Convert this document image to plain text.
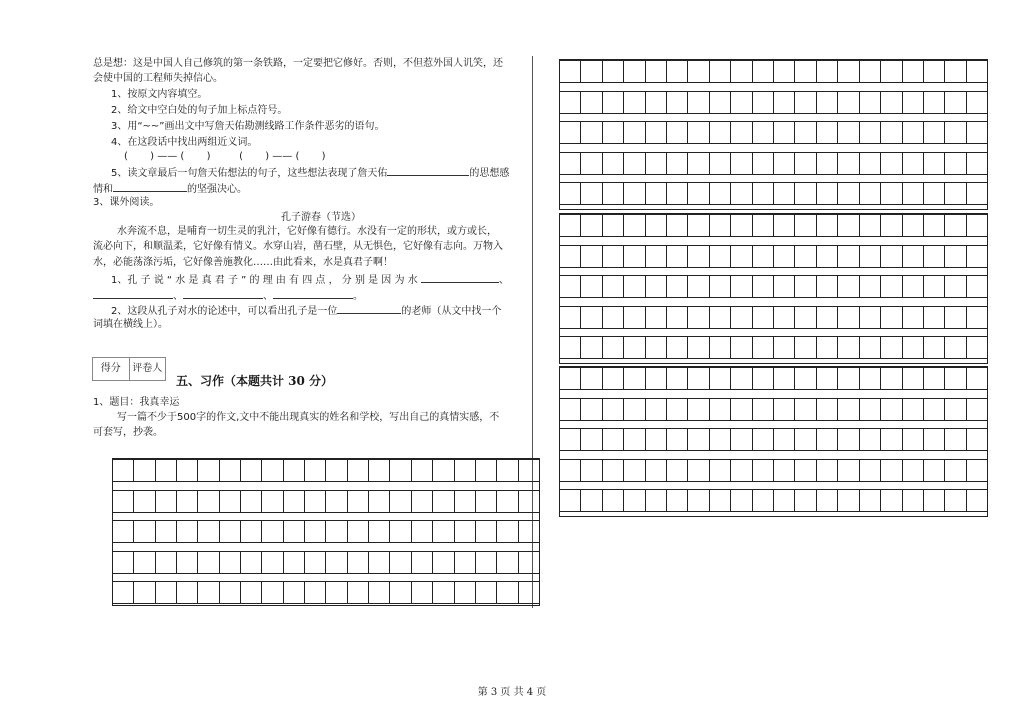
总是想：这是中国人自己修筑的第一条铁路，一定要把它修好。否则，不但惹外国人讥笑，还
会使中国的工程师失掉信心。
1、按原文内容填空。
2、给文中空白处的句子加上标点符号。
3、用“~~”画出文中写詹天佑勘测线路工作条件恶劣的语句。
4、在这段话中找出两组近义词。
(       ) —— (       )         (       ) —— (       )
5、读文章最后一句詹天佑想法的句子，这些想法表现了詹天佑	的思想感
情和	的坚强决心。
3、课外阅读。
孔子游春（节选）
水奔流不息，是哺育一切生灵的乳汁，它好像有德行。水没有一定的形状，或方或长，
流必向下，和顺温柔，它好像有情义。水穿山岩，凿石壁，从无惧色，它好像有志向。万物入
水，必能荡涤污垢，它好像善施教化……由此看来，水是真君子啊！
1、孔 子 说 “ 水 是 真 君 子 ” 的 理 由 有 四 点 ， 分 别 是 因 为 水	、
、	、	。
2、这段从孔子对水的论述中，可以看出孔子是一位	的老师（从文中找一个
词填在横线上）。
得分	评卷人
五、习作（本题共计 30 分）
1、题目：我真幸运
写一篇不少于500字的作文,文中不能出现真实的姓名和学校，写出自己的真情实感，不
可套写，抄袭。
第 3 页 共 4 页
